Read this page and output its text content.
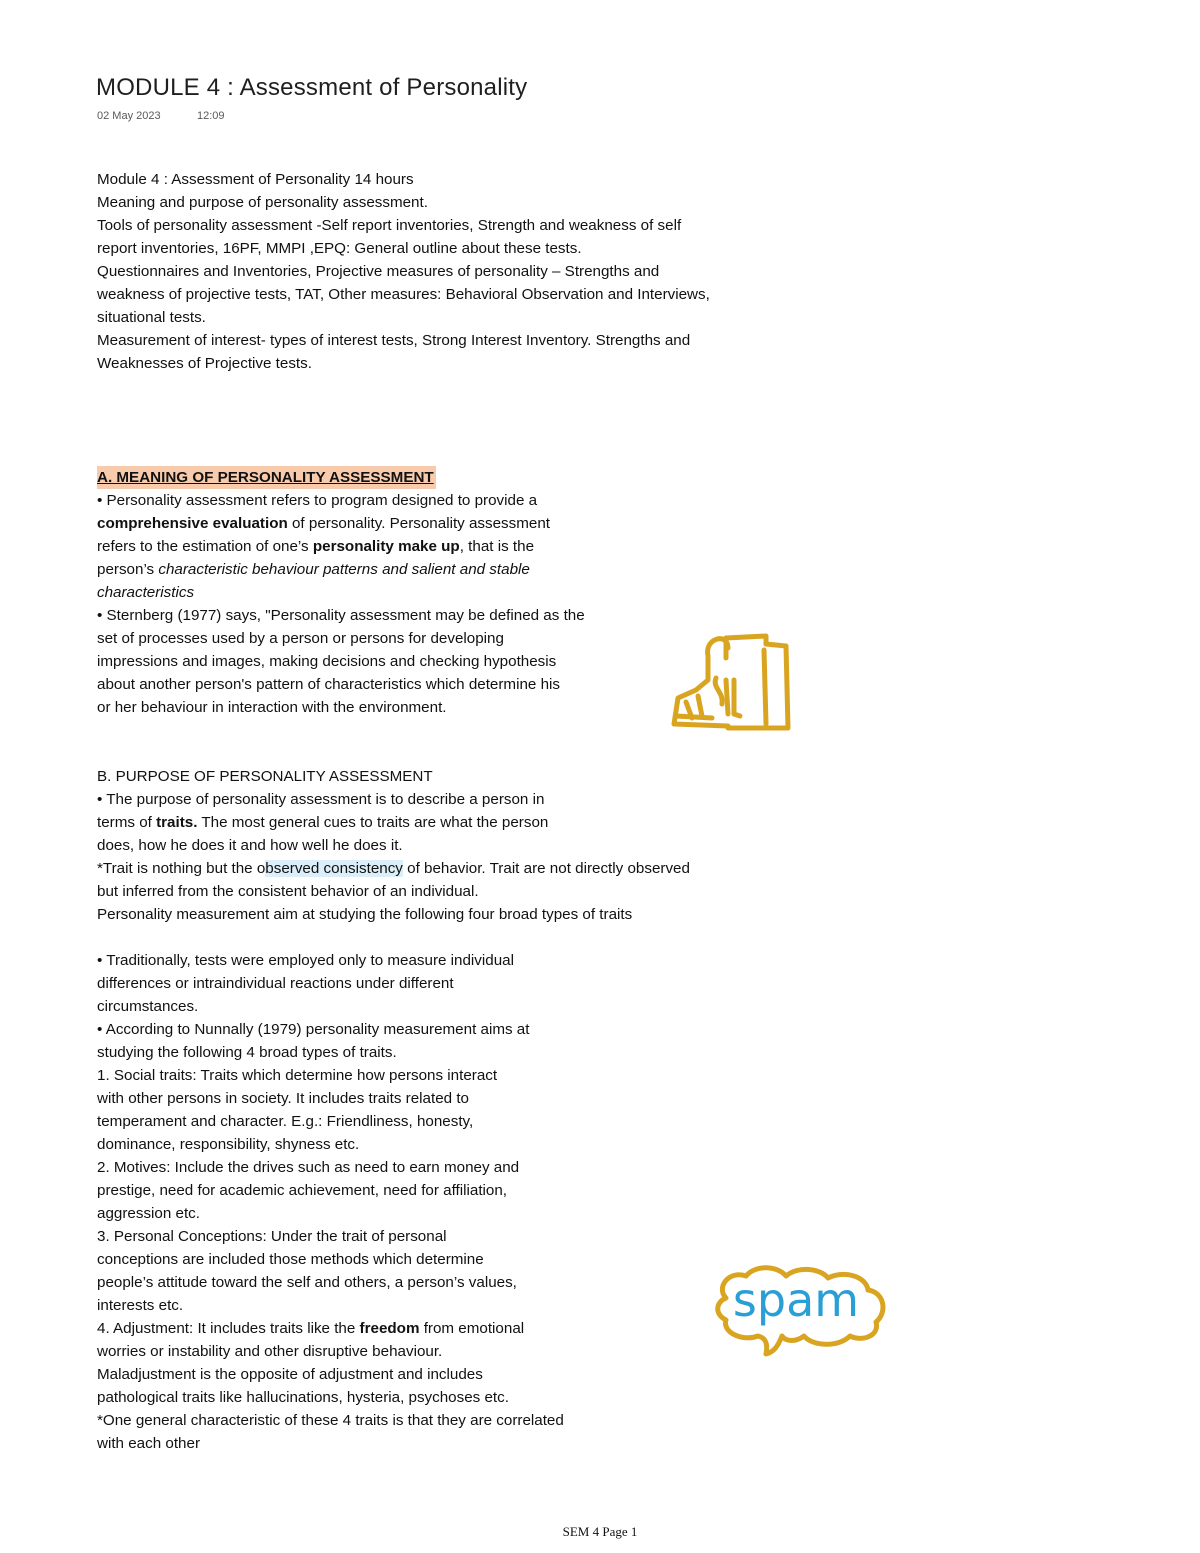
MODULE 4 : Assessment of Personality
02 May 2023	12:09
Module 4 : Assessment of Personality 14 hours
Meaning and purpose of personality assessment.
Tools of personality assessment -Self report inventories, Strength and weakness of self
report inventories, 16PF, MMPI ,EPQ: General outline about these tests.
Questionnaires and Inventories, Projective measures of personality – Strengths and
weakness of projective tests, TAT, Other measures: Behavioral Observation and Interviews,
situational tests.
Measurement of interest- types of interest tests, Strong Interest Inventory. Strengths and
Weaknesses of Projective tests.
A. MEANING OF PERSONALITY ASSESSMENT
• Personality assessment refers to program designed to provide a
comprehensive evaluation of personality. Personality assessment
refers to the estimation of one’s personality make up, that is the
person’s characteristic behaviour patterns and salient and stable
characteristics
• Sternberg (1977) says, "Personality assessment may be defined as the
set of processes used by a person or persons for developing
impressions and images, making decisions and checking hypothesis
about another person's pattern of characteristics which determine his
or her behaviour in interaction with the environment.
B. PURPOSE OF PERSONALITY ASSESSMENT
• The purpose of personality assessment is to describe a person in
terms of traits. The most general cues to traits are what the person
does, how he does it and how well he does it.
*Trait is nothing but the observed consistency of behavior. Trait are not directly observed
but inferred from the consistent behavior of an individual.
Personality measurement aim at studying the following four broad types of traits
• Traditionally, tests were employed only to measure individual
differences or intraindividual reactions under different
circumstances.
• According to Nunnally (1979) personality measurement aims at
studying the following 4 broad types of traits.
1. Social traits: Traits which determine how persons interact
with other persons in society. It includes traits related to
temperament and character. E.g.: Friendliness, honesty,
dominance, responsibility, shyness etc.
2. Motives: Include the drives such as need to earn money and
prestige, need for academic achievement, need for affiliation,
aggression etc.
3. Personal Conceptions: Under the trait of personal
conceptions are included those methods which determine
people’s attitude toward the self and others, a person’s values,
interests etc.
4. Adjustment: It includes traits like the freedom from emotional
worries or instability and other disruptive behaviour.
Maladjustment is the opposite of adjustment and includes
pathological traits like hallucinations, hysteria, psychoses etc.
*One general characteristic of these 4 traits is that they are correlated
with each other
spam
SEM 4 Page 1
